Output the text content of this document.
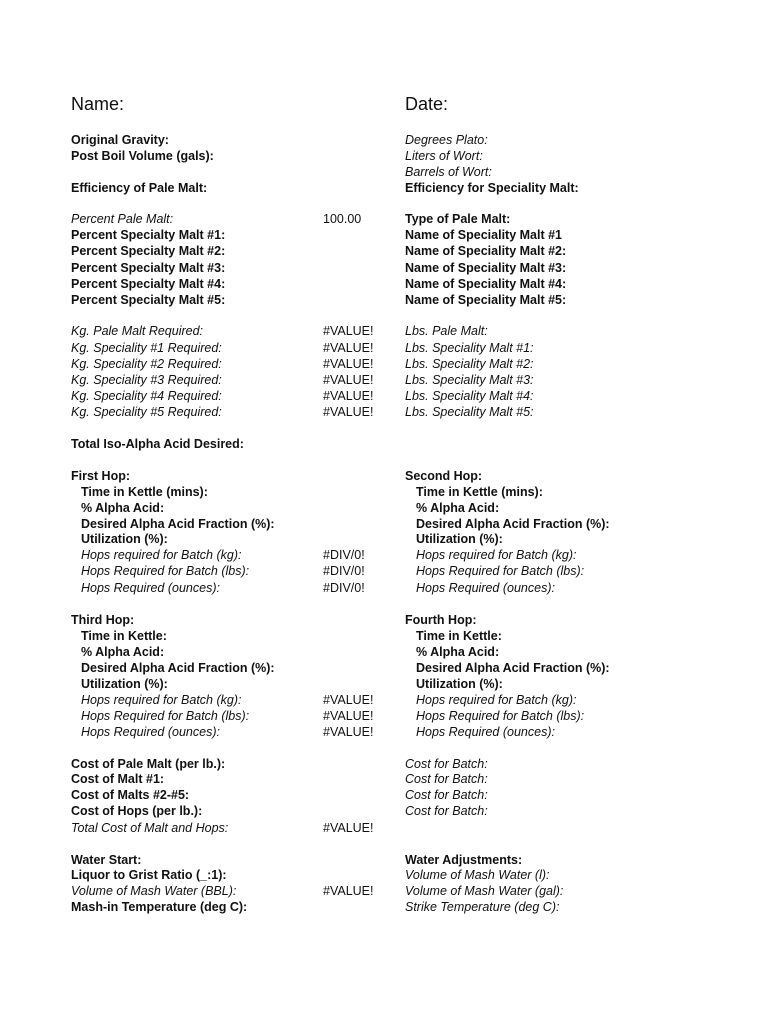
Name:	Date:
Original Gravity:
Post Boil Volume (gals):
Efficiency of Pale Malt:
Percent Pale Malt:
Percent Specialty Malt #1:
Percent Specialty Malt #2:
Percent Specialty Malt #3:
Percent Specialty Malt #4:
Percent Specialty Malt #5:
Kg. Pale Malt Required:
Kg. Speciality #1 Required:
Kg. Speciality #2 Required:
Kg. Speciality #3 Required:
Kg. Speciality #4 Required:
Kg. Speciality #5 Required:
Total Iso-Alpha Acid Desired:
First Hop:
Time in Kettle (mins):
% Alpha Acid:
Desired Alpha Acid Fraction (%):
Utilization (%):
Hops required for Batch (kg):
Hops Required for Batch (lbs):
Hops Required (ounces):
Third Hop:
Time in Kettle:
% Alpha Acid:
Desired Alpha Acid Fraction (%):
Utilization (%):
Hops required for Batch (kg):
Hops Required for Batch (lbs):
Hops Required (ounces):
Cost of Pale Malt (per lb.):
Cost of Malt #1:
Cost of Malts #2-#5:
Cost of Hops (per lb.):
Total Cost of Malt and Hops:
Water Start:
Liquor to Grist Ratio (_:1):
Volume of Mash Water (BBL):
Mash-in Temperature (deg C):
100.00
#VALUE!
#VALUE!
#VALUE!
#VALUE!
#VALUE!
#VALUE!
#DIV/0!
#DIV/0!
#DIV/0!
#VALUE!
#VALUE!
#VALUE!
#VALUE!
#VALUE!
Degrees Plato:
Liters of Wort:
Barrels of Wort:
Efficiency for Speciality Malt:
Type of Pale Malt:
Name of Speciality Malt #1
Name of Speciality Malt #2:
Name of Speciality Malt #3:
Name of Speciality Malt #4:
Name of Speciality Malt #5:
Lbs. Pale Malt:
Lbs. Speciality Malt #1:
Lbs. Speciality Malt #2:
Lbs. Speciality Malt #3:
Lbs. Speciality Malt #4:
Lbs. Speciality Malt #5:
Second Hop:
Time in Kettle (mins):
% Alpha Acid:
Desired Alpha Acid Fraction (%):
Utilization (%):
Hops required for Batch (kg):
Hops Required for Batch (lbs):
Hops Required (ounces):
Fourth Hop:
Time in Kettle:
% Alpha Acid:
Desired Alpha Acid Fraction (%):
Utilization (%):
Hops required for Batch (kg):
Hops Required for Batch (lbs):
Hops Required (ounces):
Cost for Batch:
Cost for Batch:
Cost for Batch:
Cost for Batch:
Water Adjustments:
Volume of Mash Water (l):
Volume of Mash Water (gal):
Strike Temperature (deg C):
